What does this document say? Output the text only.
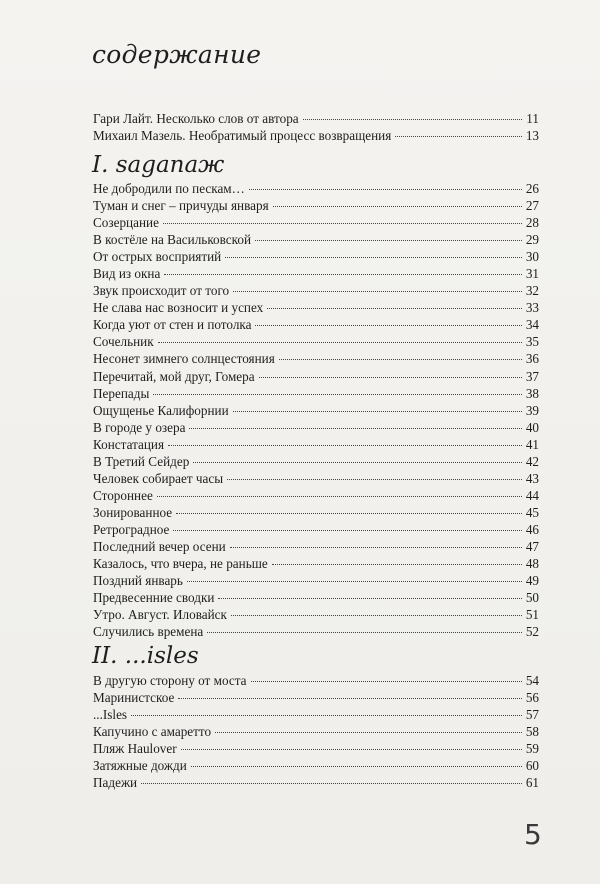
содержание
Гари Лайт. Несколько слов от автора	11
Михаил Мазель. Необратимый процесс возвращения	13
I. saganaж
Не добродили по пескам…	26
Туман и снег – причуды января	27
Созерцание	28
В костёле на Васильковской	29
От острых восприятий	30
Вид из окна	31
Звук происходит от того	32
Не слава нас возносит и успех	33
Когда уют от стен и потолка	34
Сочельник	35
Несонет зимнего солнцестояния	36
Перечитай, мой друг, Гомера	37
Перепады	38
Ощущенье Калифорнии	39
В городе у озера	40
Констатация	41
В Третий Сейдер	42
Человек собирает часы	43
Стороннее	44
Зонированное	45
Ретроградное	46
Последний вечер осени	47
Казалось, что вчера, не раньше	48
Поздний январь	49
Предвесенние сводки	50
Утро. Август. Иловайск	51
Случились времена	52
II. ...isles
В другую сторону от моста	54
Маринистское	56
...Isles	57
Капучино с амаретто	58
Пляж Haulover	59
Затяжные дожди	60
Падежи	61
5
